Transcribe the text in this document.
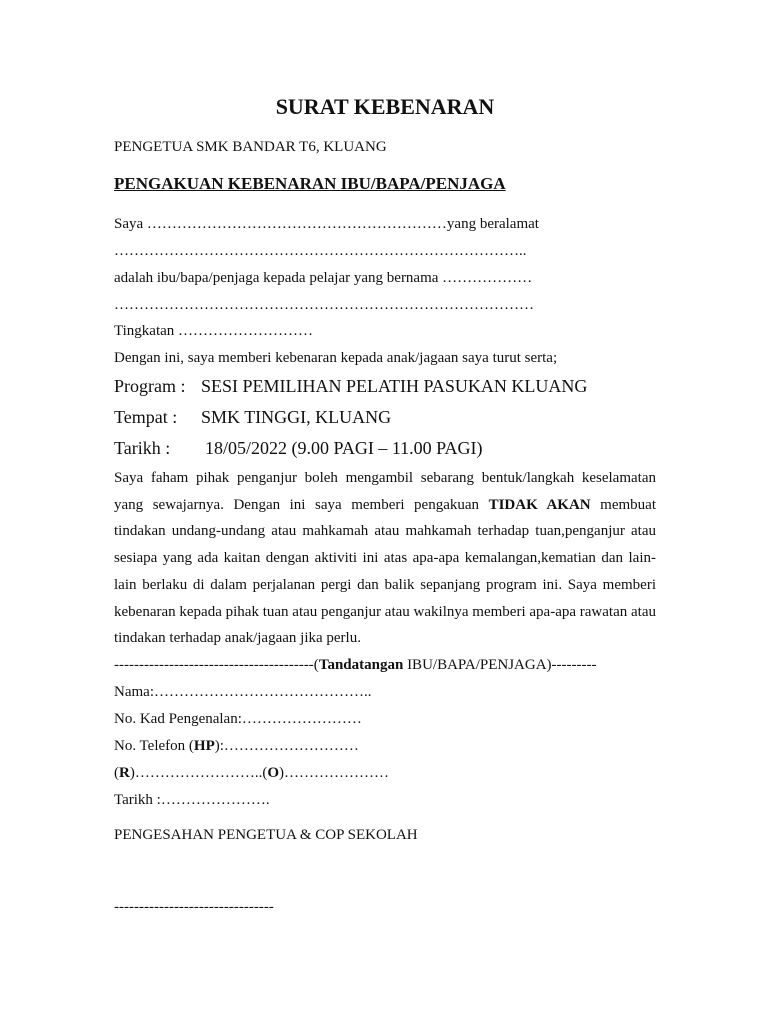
SURAT KEBENARAN
PENGETUA SMK BANDAR T6, KLUANG
PENGAKUAN KEBENARAN IBU/BAPA/PENJAGA
Saya ……………………………………………………yang beralamat
………………………………………………………………………..
adalah ibu/bapa/penjaga kepada pelajar yang bernama ………………
…………………………………………………………………………
Tingkatan ………………………
Dengan ini, saya memberi kebenaran kepada anak/jagaan saya turut serta;
Program : SESI PEMILIHAN PELATIH PASUKAN KLUANG
Tempat : SMK TINGGI, KLUANG
Tarikh : 18/05/2022 (9.00 PAGI – 11.00 PAGI)
Saya faham pihak penganjur boleh mengambil sebarang bentuk/langkah keselamatan yang sewajarnya. Dengan ini saya memberi pengakuan TIDAK AKAN membuat tindakan undang-undang atau mahkamah atau mahkamah terhadap tuan,penganjur atau sesiapa yang ada kaitan dengan aktiviti ini atas apa-apa kemalangan,kematian dan lain-lain berlaku di dalam perjalanan pergi dan balik sepanjang program ini. Saya memberi kebenaran kepada pihak tuan atau penganjur atau wakilnya memberi apa-apa rawatan atau tindakan terhadap anak/jagaan jika perlu.
----------------------------------------(Tandatangan IBU/BAPA/PENJAGA)---------
Nama:……………………………………..
No. Kad Pengenalan:……………………
No. Telefon (HP):………………………
(R)……………………..(O)…………………
Tarikh :………………….
PENGESAHAN PENGETUA & COP SEKOLAH
--------------------------------
